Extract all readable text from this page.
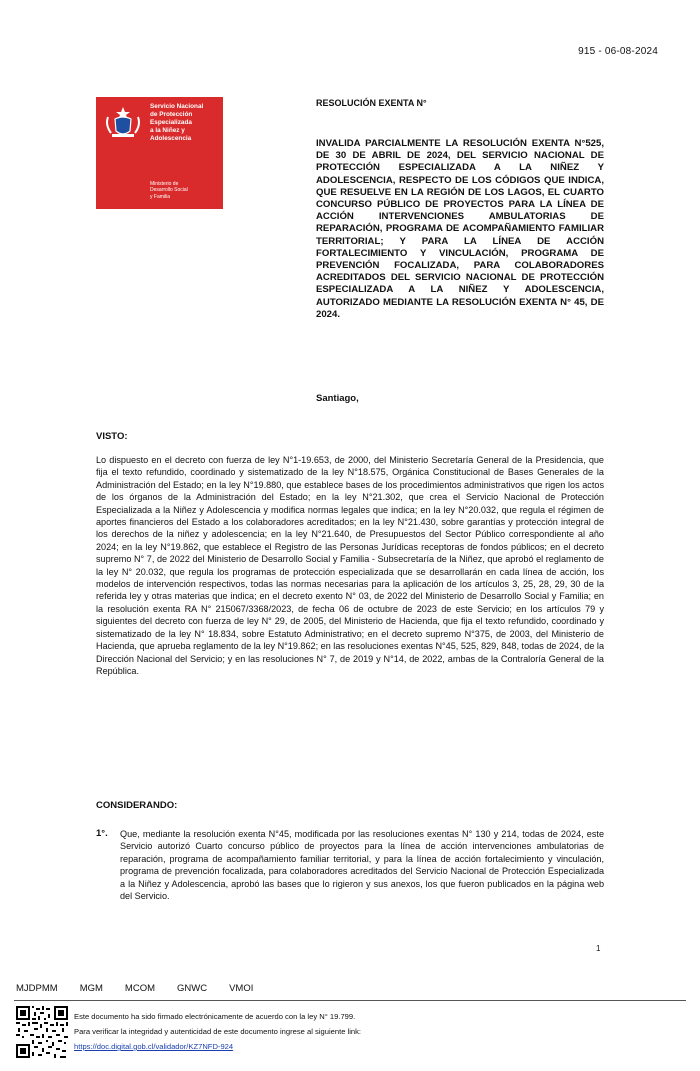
915 - 06-08-2024
Servicio Nacional
de Protección
Especializada
a la Niñez y
Adolescencia
Ministerio de
Desarrollo Social
y Familia
RESOLUCIÓN EXENTA N°
INVALIDA PARCIALMENTE LA RESOLUCIÓN EXENTA N°525, DE 30 DE ABRIL DE 2024, DEL SERVICIO NACIONAL DE PROTECCIÓN ESPECIALIZADA A LA NIÑEZ Y ADOLESCENCIA, RESPECTO DE LOS CÓDIGOS QUE INDICA, QUE RESUELVE EN LA REGIÓN DE LOS LAGOS, EL CUARTO CONCURSO PÚBLICO DE PROYECTOS PARA LA LÍNEA DE ACCIÓN INTERVENCIONES AMBULATORIAS DE REPARACIÓN, PROGRAMA DE ACOMPAÑAMIENTO FAMILIAR TERRITORIAL; Y PARA LA LÍNEA DE ACCIÓN FORTALECIMIENTO Y VINCULACIÓN, PROGRAMA DE PREVENCIÓN FOCALIZADA, PARA COLABORADORES ACREDITADOS DEL SERVICIO NACIONAL DE PROTECCIÓN ESPECIALIZADA A LA NIÑEZ Y ADOLESCENCIA, AUTORIZADO MEDIANTE LA RESOLUCIÓN EXENTA N° 45, DE 2024.
Santiago,
VISTO:
Lo dispuesto en el decreto con fuerza de ley N°1-19.653, de 2000, del Ministerio Secretaría General de la Presidencia, que fija el texto refundido, coordinado y sistematizado de la ley N°18.575, Orgánica Constitucional de Bases Generales de la Administración del Estado; en la ley N°19.880, que establece bases de los procedimientos administrativos que rigen los actos de los órganos de la Administración del Estado; en la ley N°21.302, que crea el Servicio Nacional de Protección Especializada a la Niñez y Adolescencia y modifica normas legales que indica; en la ley N°20.032, que regula el régimen de aportes financieros del Estado a los colaboradores acreditados; en la ley N°21.430, sobre garantías y protección integral de los derechos de la niñez y adolescencia; en la ley N°21.640, de Presupuestos del Sector Público correspondiente al año 2024; en la ley N°19.862, que establece el Registro de las Personas Jurídicas receptoras de fondos públicos; en el decreto supremo N° 7, de 2022 del Ministerio de Desarrollo Social y Familia - Subsecretaría de la Niñez, que aprobó el reglamento de la ley N° 20.032, que regula los programas de protección especializada que se desarrollarán en cada línea de acción, los modelos de intervención respectivos, todas las normas necesarias para la aplicación de los artículos 3, 25, 28, 29, 30 de la referida ley y otras materias que indica; en el decreto exento N° 03, de 2022 del Ministerio de Desarrollo Social y Familia; en la resolución exenta RA N° 215067/3368/2023, de fecha 06 de octubre de 2023 de este Servicio; en los artículos 79 y siguientes del decreto con fuerza de ley N° 29, de 2005, del Ministerio de Hacienda, que fija el texto refundido, coordinado y sistematizado de la ley N° 18.834, sobre Estatuto Administrativo; en el decreto supremo N°375, de 2003, del Ministerio de Hacienda, que aprueba reglamento de la ley N°19.862; en las resoluciones exentas N°45, 525, 829, 848, todas de 2024, de la Dirección Nacional del Servicio; y en las resoluciones N° 7, de 2019 y N°14, de 2022, ambas de la Contraloría General de la República.
CONSIDERANDO:
1°. Que, mediante la resolución exenta N°45, modificada por las resoluciones exentas N° 130 y 214, todas de 2024, este Servicio autorizó Cuarto concurso público de proyectos para la línea de acción intervenciones ambulatorias de reparación, programa de acompañamiento familiar territorial, y para la línea de acción fortalecimiento y vinculación, programa de prevención focalizada, para colaboradores acreditados del Servicio Nacional de Protección Especializada a la Niñez y Adolescencia, aprobó las bases que lo rigieron y sus anexos, los que fueron publicados en la página web del Servicio.
1
MJDPMM MGM MCOM GNWC VMOI
Este documento ha sido firmado electrónicamente de acuerdo con la ley N° 19.799.
Para verificar la integridad y autenticidad de este documento ingrese al siguiente link:
https://doc.digital.gob.cl/validador/KZ7NFD-924
